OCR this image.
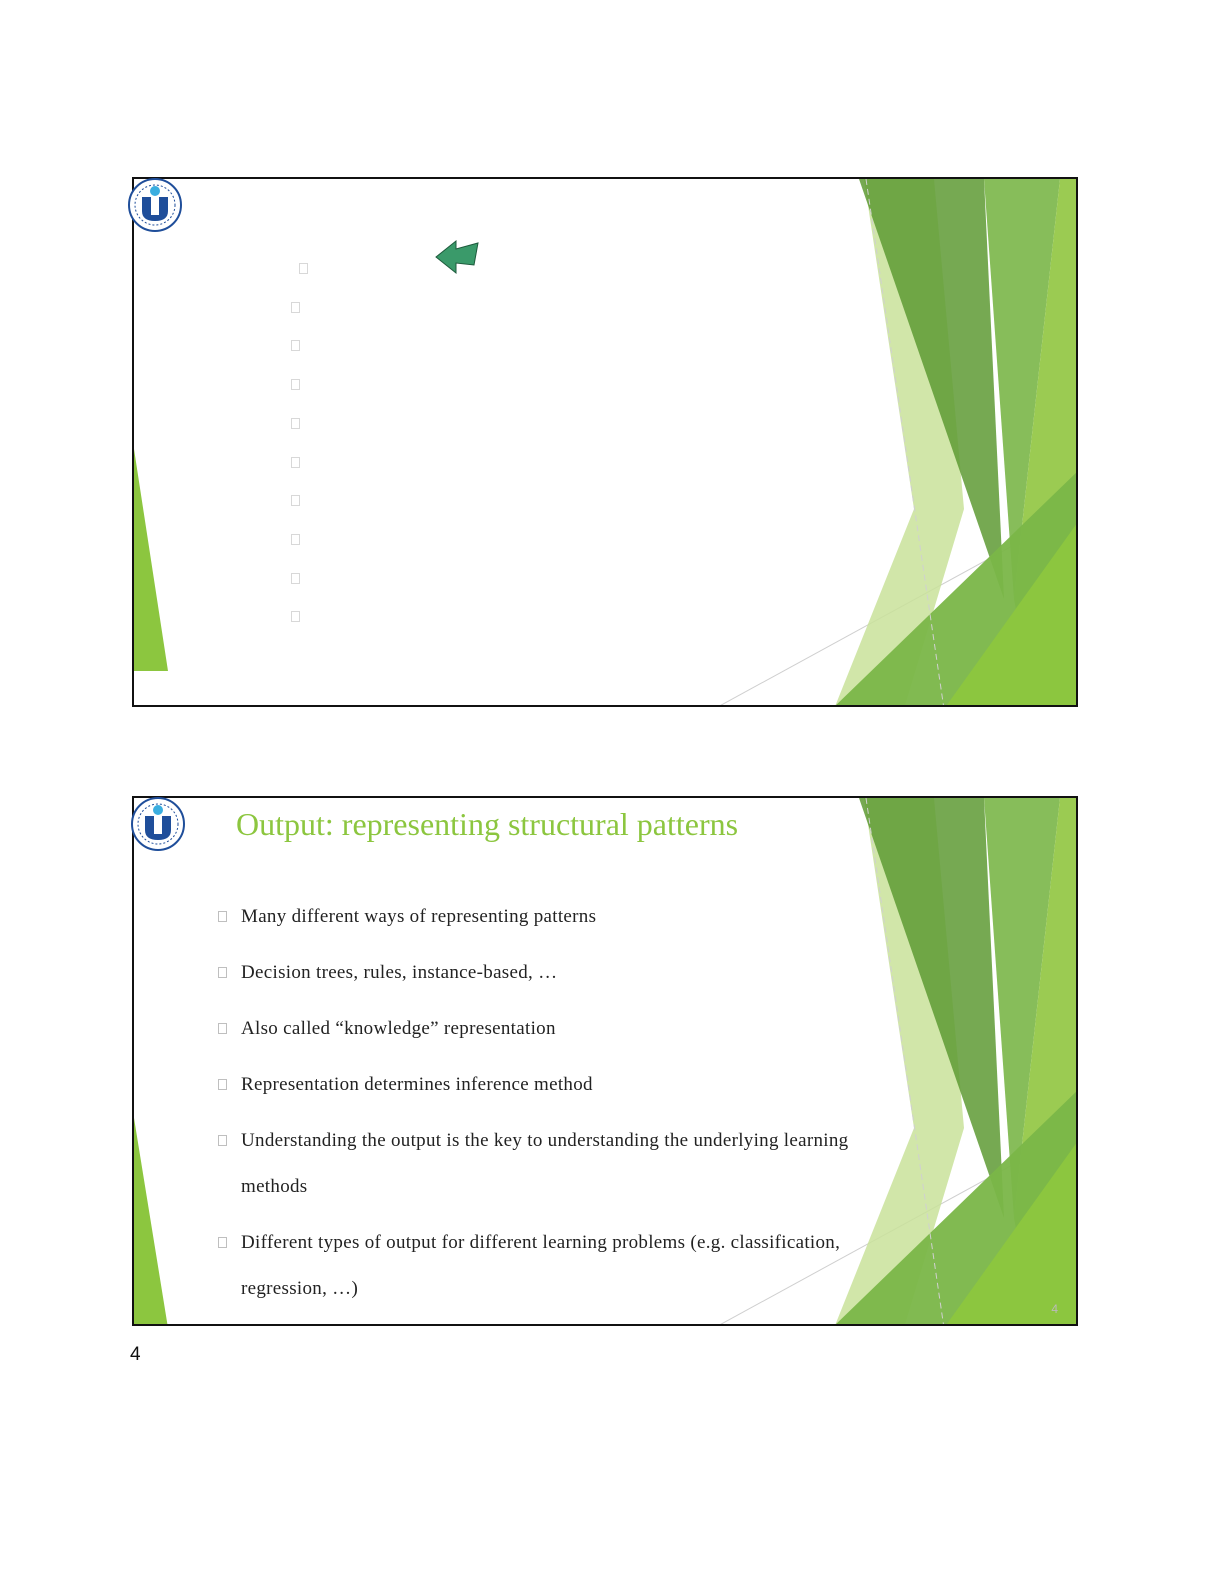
Output: representing structural patterns
Many different ways of representing patterns
Decision trees, rules, instance-based, …
Also called “knowledge” representation
Representation determines inference method
Understanding the output is the key to understanding the underlying learning methods
Different types of output for different learning problems (e.g. classification, regression, …)
4
4
